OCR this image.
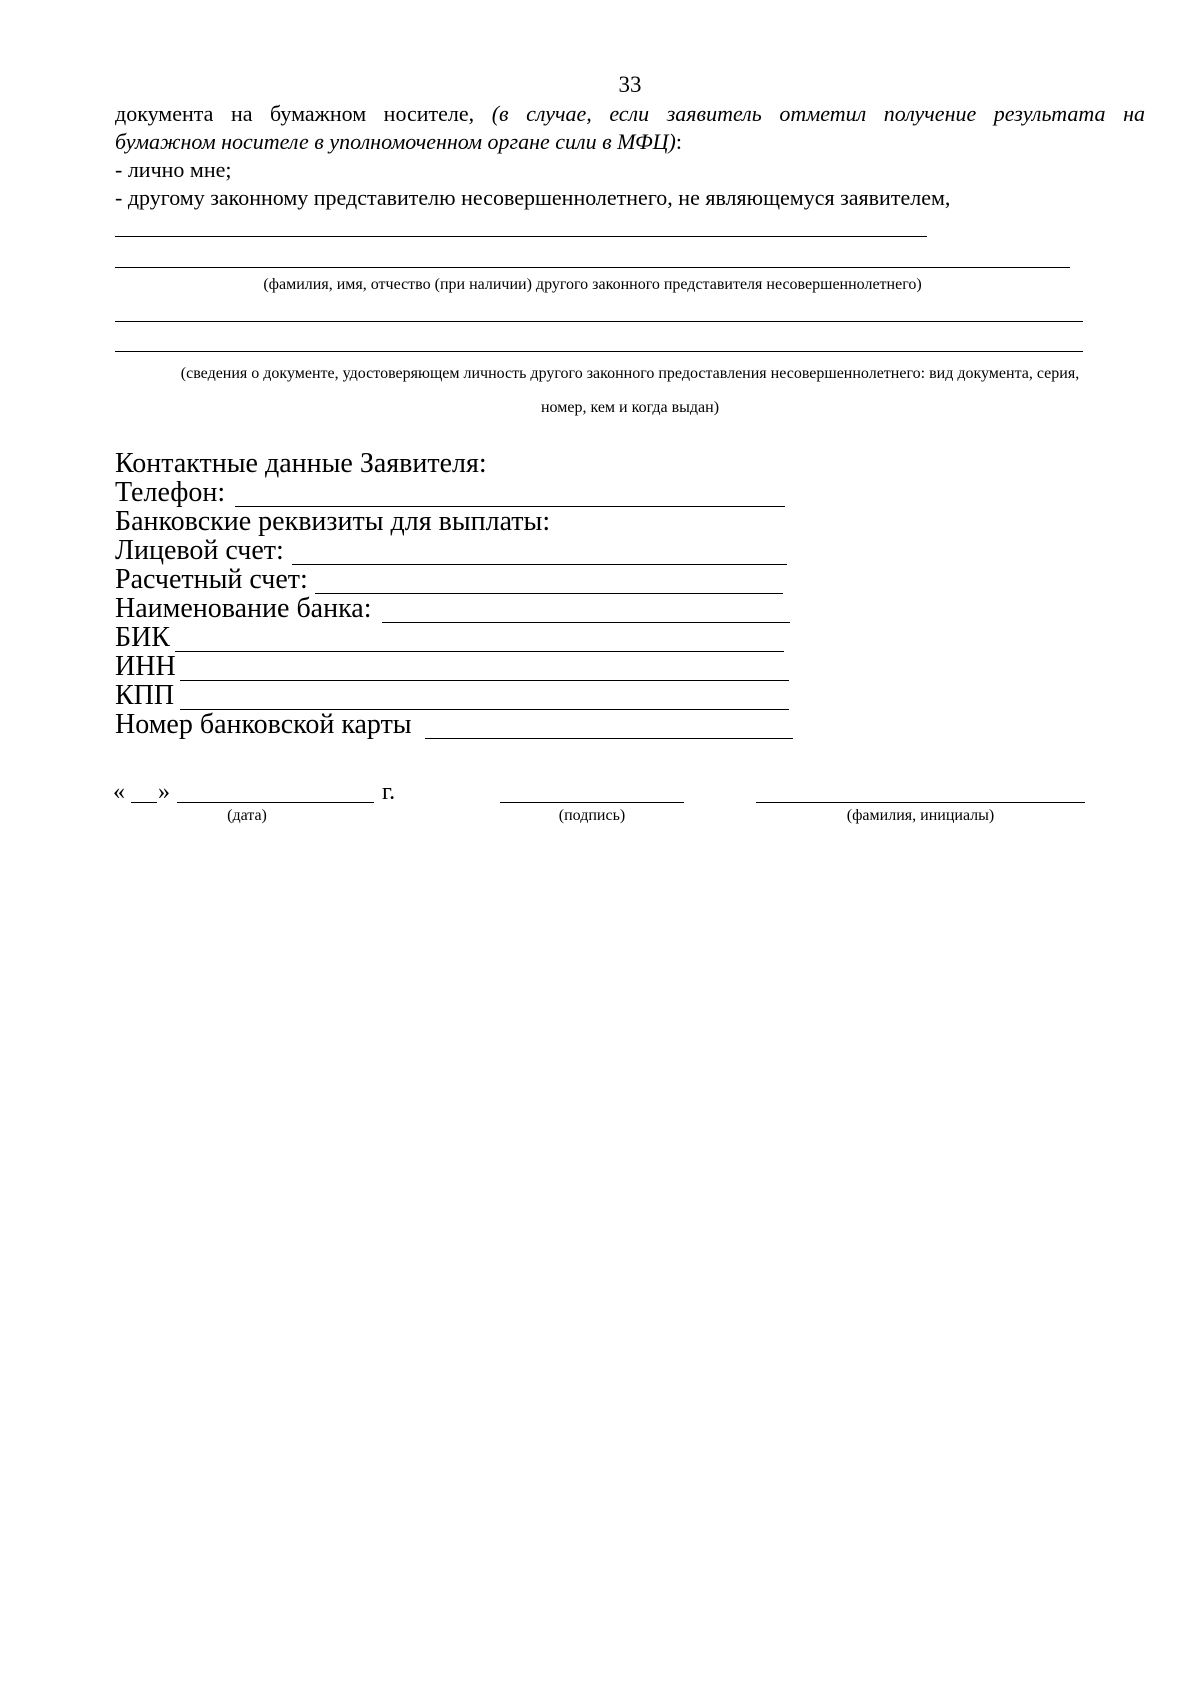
33
документа на бумажном носителе, (в случае, если заявитель отметил получение результата на
бумажном носителе в уполномоченном органе сили в МФЦ):
- лично мне;
- другому законному представителю несовершеннолетнего, не являющемуся заявителем,
(фамилия, имя, отчество (при наличии) другого законного представителя несовершеннолетнего)
(сведения о документе, удостоверяющем личность другого законного предоставления несовершеннолетнего: вид документа, серия,
номер, кем и когда выдан)
Контактные данные Заявителя:
Телефон:
Банковские реквизиты для выплаты:
Лицевой счет:
Расчетный счет:
Наименование банка:
БИК
ИНН
КПП
Номер банковской карты
« »	г.
(дата)	(подпись)	(фамилия, инициалы)
